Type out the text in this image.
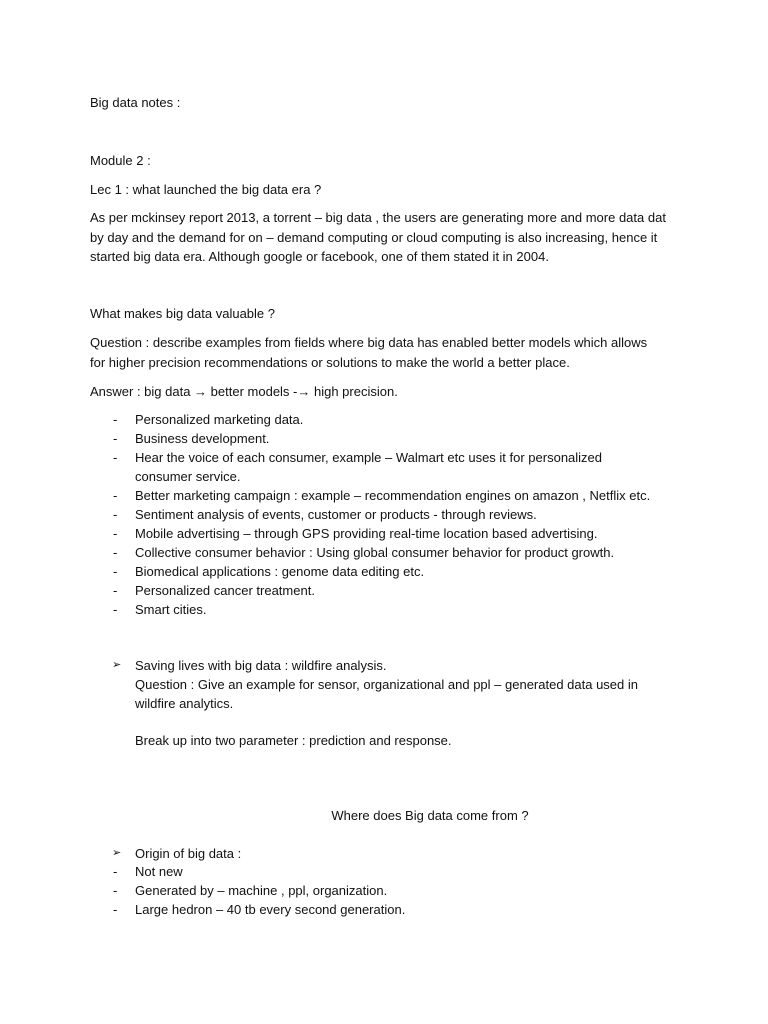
Big data notes :
Module 2 :
Lec 1 : what launched the big data era ?
As per mckinsey report 2013, a torrent – big data , the users are generating more and more data dat by day and the demand for on – demand computing or cloud computing is also increasing, hence it started big data era. Although google or facebook, one of them stated it in 2004.
What makes big data valuable ?
Question : describe examples from fields where big data has enabled better models which allows for higher precision recommendations or solutions to make the world a better place.
Answer : big data → better models -→ high precision.
-	Personalized marketing data.
-	Business development.
-	Hear the voice of each consumer, example – Walmart etc uses it for personalized consumer service.
-	Better marketing campaign : example – recommendation engines on amazon , Netflix etc.
-	Sentiment analysis of events, customer or products - through reviews.
-	Mobile advertising – through GPS providing real-time location based advertising.
-	Collective consumer behavior : Using global consumer behavior for product growth.
-	Biomedical applications : genome data editing etc.
-	Personalized cancer treatment.
-	Smart cities.
➢ Saving lives with big data : wildfire analysis.
Question : Give an example for sensor, organizational and ppl – generated data used in wildfire analytics.
Break up into two parameter : prediction and response.
Where does Big data come from ?
➢ Origin of big data :
-	Not new
-	Generated by – machine , ppl, organization.
-	Large hedron – 40 tb every second generation.
